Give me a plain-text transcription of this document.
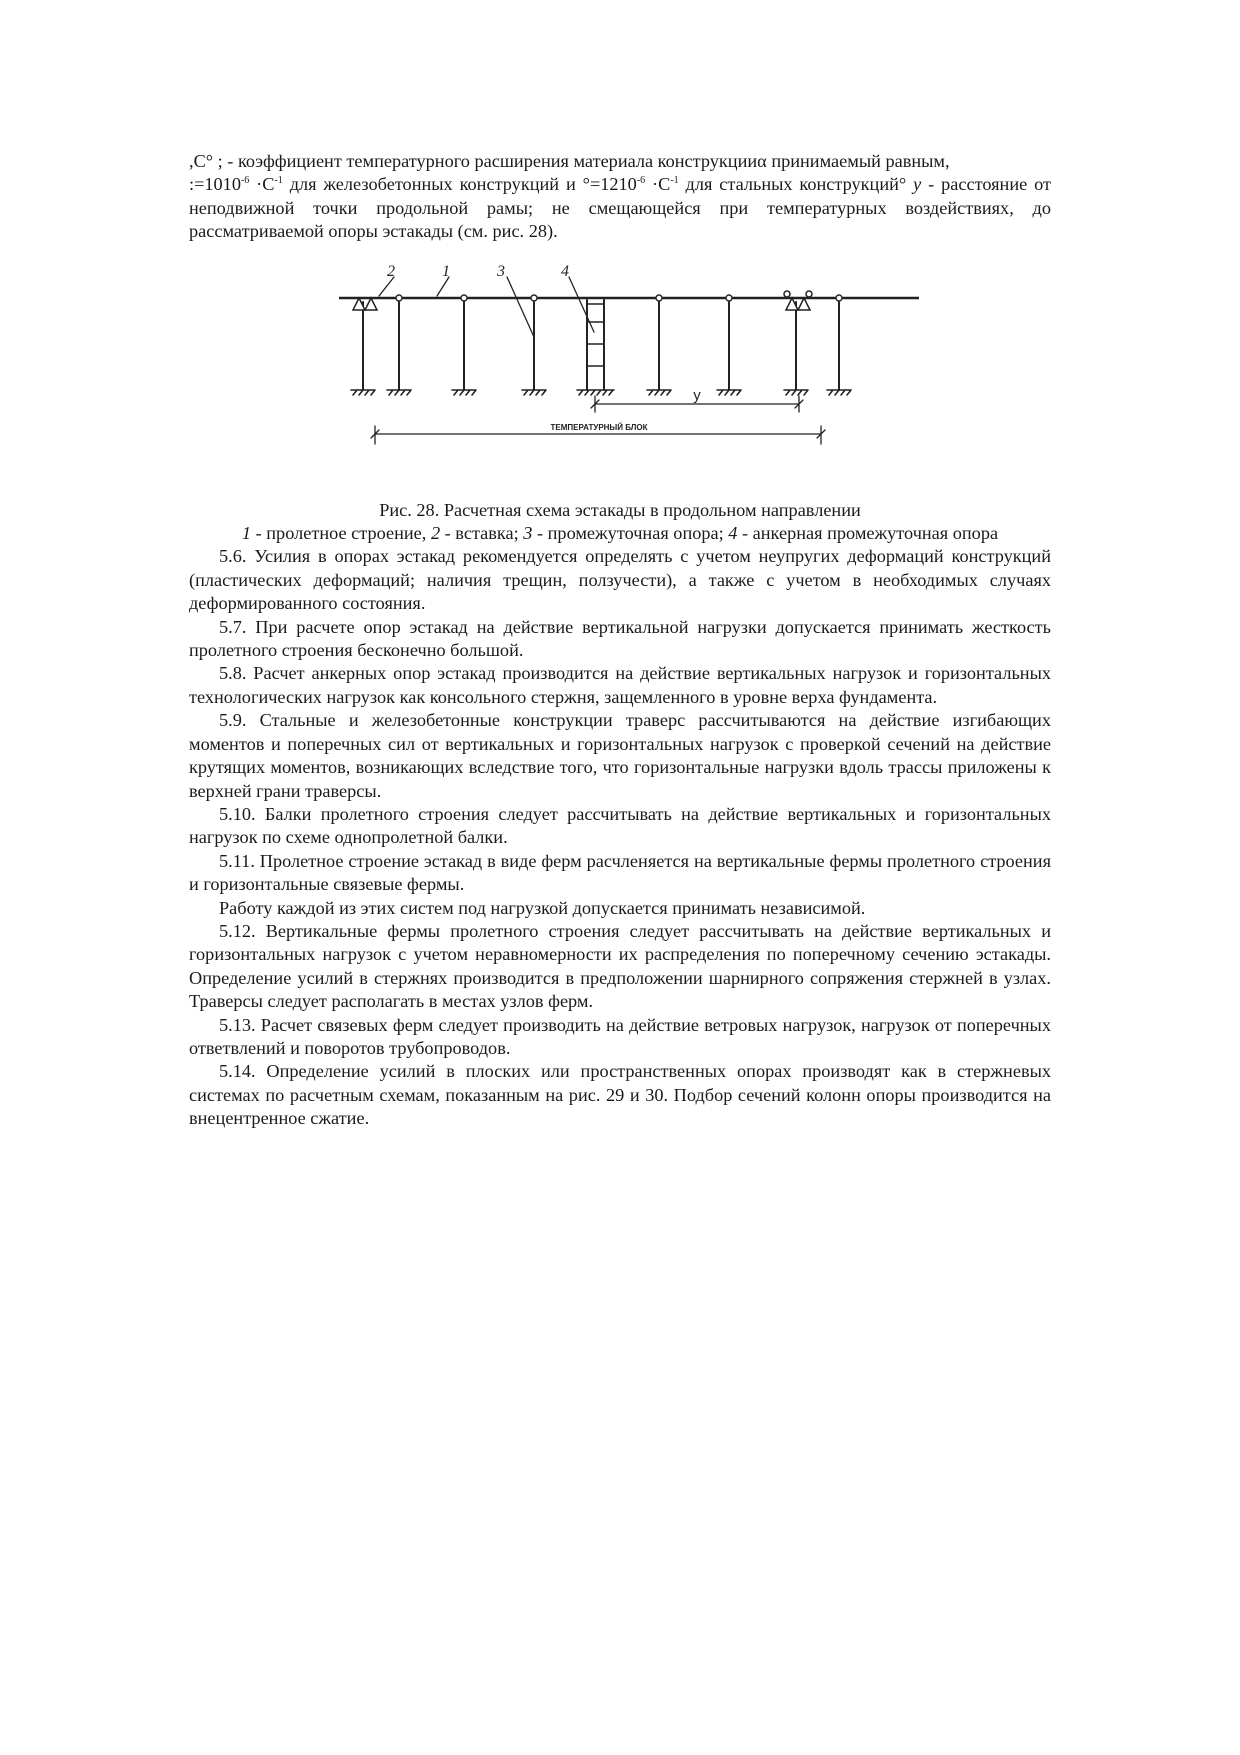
,C° ; - коэффициент температурного расширения материала конструкцииα принимаемый равным,
$:=1010^{-6} \cdot С^{-1}$ для железобетонных конструкций и $^\circ=1210^{-6} \cdot С^{-1}$ для стальных конструкций° y - расстояние от неподвижной точки продольной рамы; не смещающейся при температурных воздействиях, до рассматриваемой опоры эстакады (см. рис. 28).

2	1	3	4
у
ТЕМПЕРАТУРНЫЙ БЛОК

Рис. 28. Расчетная схема эстакады в продольном направлении

1 - пролетное строение, 2 - вставка; 3 - промежуточная опора; 4 - анкерная промежуточная опора

5.6. Усилия в опорах эстакад рекомендуется определять с учетом неупругих деформаций конструкций (пластических деформаций; наличия трещин, ползучести), а также с учетом в необходимых случаях деформированного состояния.

5.7. При расчете опор эстакад на действие вертикальной нагрузки допускается принимать жесткость пролетного строения бесконечно большой.

5.8. Расчет анкерных опор эстакад производится на действие вертикальных нагрузок и горизонтальных технологических нагрузок как консольного стержня, защемленного в уровне верха фундамента.

5.9. Стальные и железобетонные конструкции траверс рассчитываются на действие изгибающих моментов и поперечных сил от вертикальных и горизонтальных нагрузок с проверкой сечений на действие крутящих моментов, возникающих вследствие того, что горизонтальные нагрузки вдоль трассы приложены к верхней грани траверсы.

5.10. Балки пролетного строения следует рассчитывать на действие вертикальных и горизонтальных нагрузок по схеме однопролетной балки.

5.11. Пролетное строение эстакад в виде ферм расчленяется на вертикальные фермы пролетного строения и горизонтальные связевые фермы.

Работу каждой из этих систем под нагрузкой допускается принимать независимой.

5.12. Вертикальные фермы пролетного строения следует рассчитывать на действие вертикальных и горизонтальных нагрузок с учетом неравномерности их распределения по поперечному сечению эстакады. Определение усилий в стержнях производится в предположении шарнирного сопряжения стержней в узлах. Траверсы следует располагать в местах узлов ферм.

5.13. Расчет связевых ферм следует производить на действие ветровых нагрузок, нагрузок от поперечных ответвлений и поворотов трубопроводов.

5.14. Определение усилий в плоских или пространственных опорах производят как в стержневых системах по расчетным схемам, показанным на рис. 29 и 30. Подбор сечений колонн опоры производится на внецентренное сжатие.
